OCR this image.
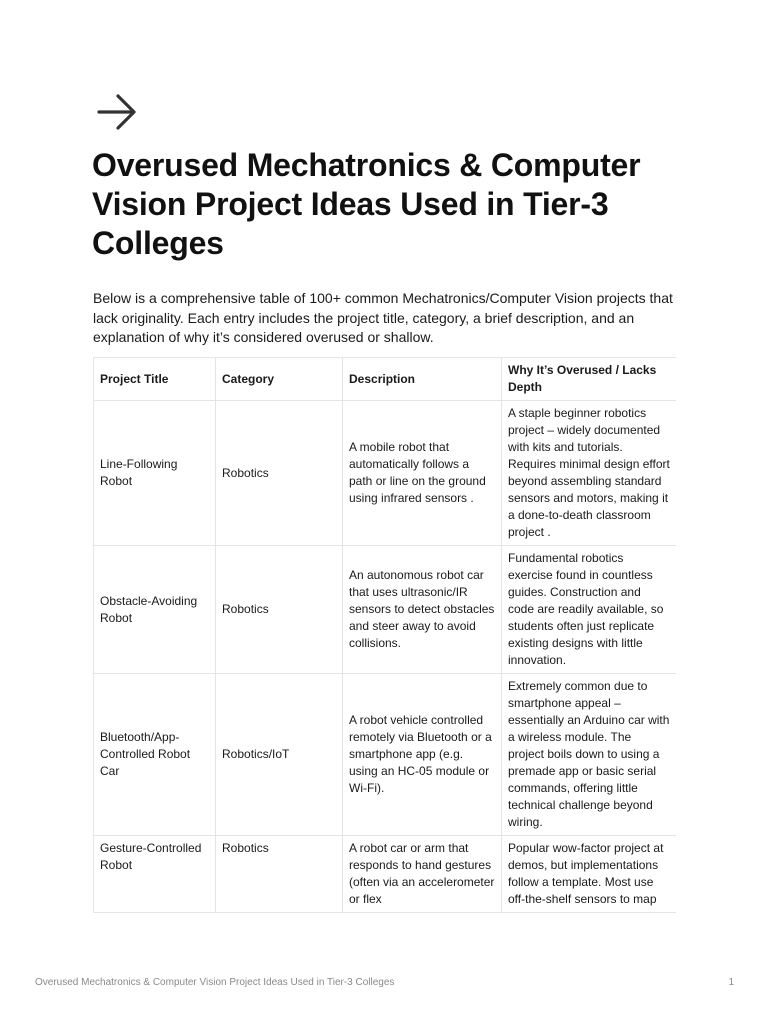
Overused Mechatronics & Computer Vision Project Ideas Used in Tier-3 Colleges

Below is a comprehensive table of 100+ common Mechatronics/Computer Vision projects that lack originality. Each entry includes the project title, category, a brief description, and an explanation of why it’s considered overused or shallow.

Project Title	Category	Description	Why It’s Overused / Lacks Depth
Line-Following Robot	Robotics	A mobile robot that automatically follows a path or line on the ground using infrared sensors .	A staple beginner robotics project – widely documented with kits and tutorials. Requires minimal design effort beyond assembling standard sensors and motors, making it a done-to-death classroom project .
Obstacle-Avoiding Robot	Robotics	An autonomous robot car that uses ultrasonic/IR sensors to detect obstacles and steer away to avoid collisions.	Fundamental robotics exercise found in countless guides. Construction and code are readily available, so students often just replicate existing designs with little innovation.
Bluetooth/App-Controlled Robot Car	Robotics/IoT	A robot vehicle controlled remotely via Bluetooth or a smartphone app (e.g. using an HC-05 module or Wi-Fi).	Extremely common due to smartphone appeal – essentially an Arduino car with a wireless module. The project boils down to using a premade app or basic serial commands, offering little technical challenge beyond wiring.
Gesture-Controlled Robot	Robotics	A robot car or arm that responds to hand gestures (often via an accelerometer or flex	Popular wow-factor project at demos, but implementations follow a template. Most use off-the-shelf sensors to map
Overused Mechatronics & Computer Vision Project Ideas Used in Tier-3 Colleges	1
